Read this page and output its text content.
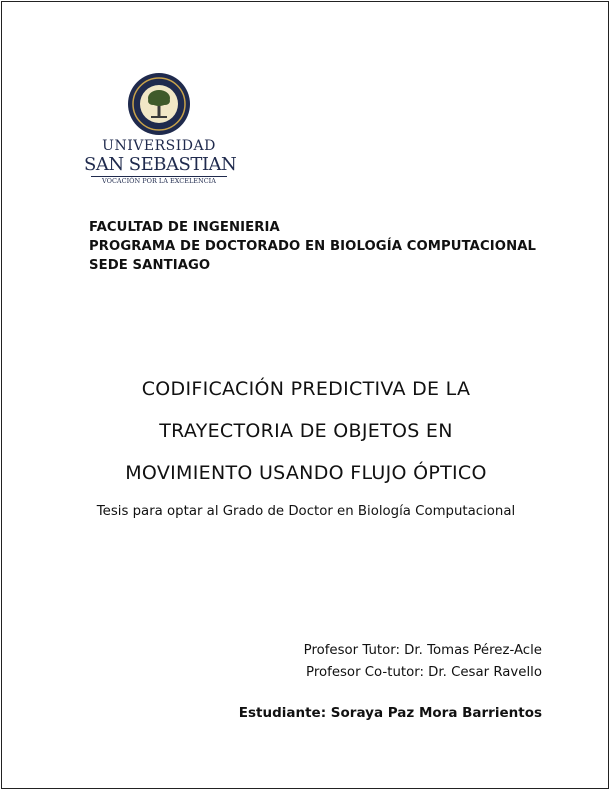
UNIVERSIDAD
SAN SEBASTIAN
VOCACIÓN POR LA EXCELENCIA
FACULTAD DE INGENIERIA
PROGRAMA DE DOCTORADO EN BIOLOGÍA COMPUTACIONAL
SEDE SANTIAGO
CODIFICACIÓN PREDICTIVA DE LA
TRAYECTORIA DE OBJETOS EN
MOVIMIENTO USANDO FLUJO ÓPTICO
Tesis para optar al Grado de Doctor en Biología Computacional
Profesor Tutor: Dr. Tomas Pérez-Acle
Profesor Co-tutor: Dr. Cesar Ravello
Estudiante: Soraya Paz Mora Barrientos
